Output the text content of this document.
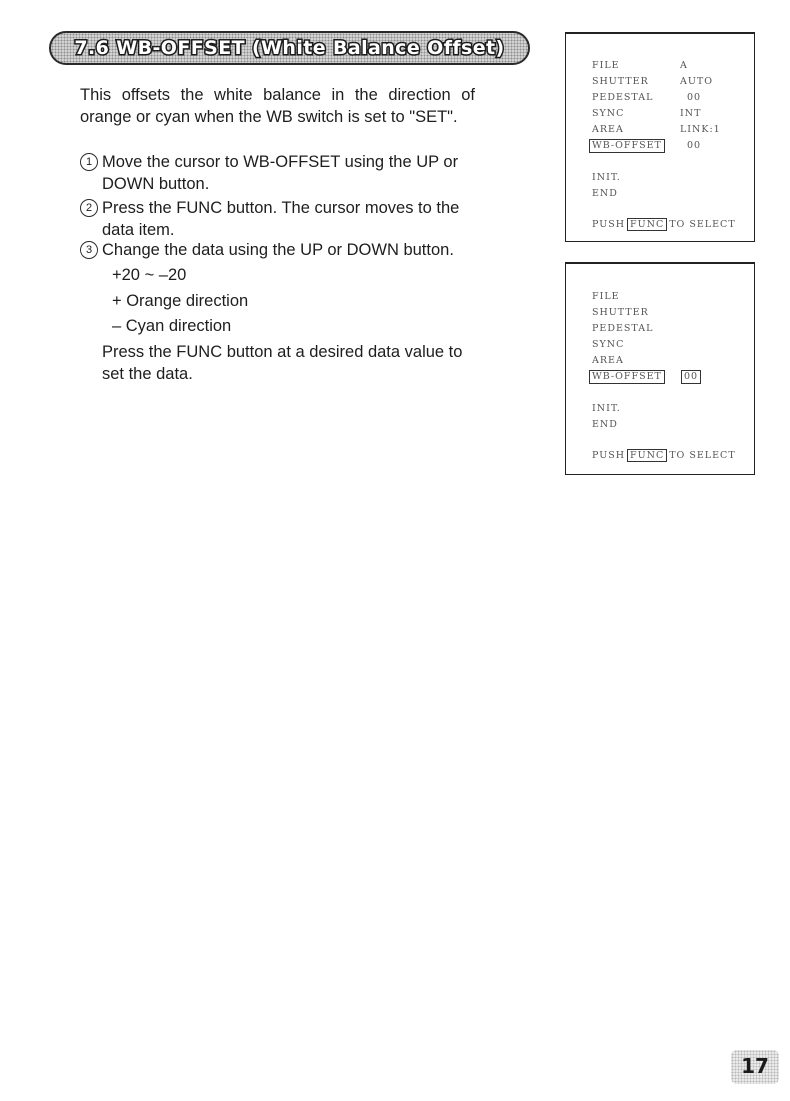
7.6 WB-OFFSET (White Balance Offset)
This offsets the white balance in the direction of orange or cyan when the WB switch is set to "SET".
1 Move the cursor to WB-OFFSET using the UP or DOWN button.
2 Press the FUNC button. The cursor moves to the data item.
3 Change the data using the UP or DOWN button.
+20 ~ –20
+ Orange direction
– Cyan direction
Press the FUNC button at a desired data value to set the data.
FILE	A
SHUTTER	AUTO
PEDESTAL	00
SYNC	INT
AREA	LINK:1
WB-OFFSET	00
INIT.
END
PUSH FUNC TO SELECT
FILE
SHUTTER
PEDESTAL
SYNC
AREA
WB-OFFSET	00
INIT.
END
PUSH FUNC TO SELECT
17
